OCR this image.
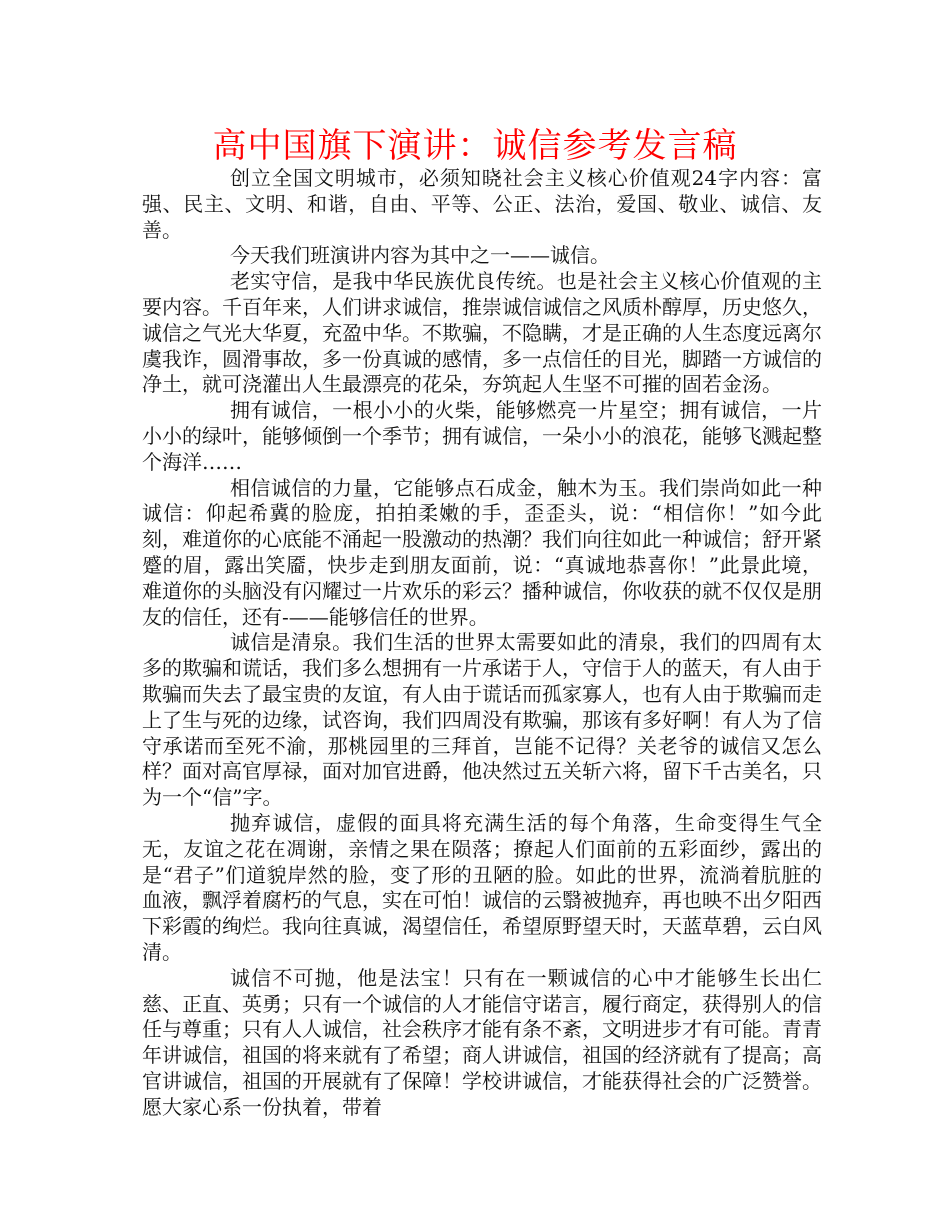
高中国旗下演讲：诚信参考发言稿

创立全国文明城市，必须知晓社会主义核心价值观24字内容：富强、民主、文明、和谐，自由、平等、公正、法治，爱国、敬业、诚信、友善。

今天我们班演讲内容为其中之一——诚信。

老实守信，是我中华民族优良传统。也是社会主义核心价值观的主要内容。千百年来，人们讲求诚信，推崇诚信诚信之风质朴醇厚，历史悠久，诚信之气光大华夏，充盈中华。不欺骗，不隐瞒，才是正确的人生态度远离尔虞我诈，圆滑事故，多一份真诚的感情，多一点信任的目光，脚踏一方诚信的净土，就可浇灌出人生最漂亮的花朵，夯筑起人生坚不可摧的固若金汤。

拥有诚信，一根小小的火柴，能够燃亮一片星空；拥有诚信，一片小小的绿叶，能够倾倒一个季节；拥有诚信，一朵小小的浪花，能够飞溅起整个海洋……

相信诚信的力量，它能够点石成金，触木为玉。我们崇尚如此一种诚信：仰起希冀的脸庞，拍拍柔嫩的手，歪歪头，说：“相信你！”如今此刻，难道你的心底能不涌起一股激动的热潮？我们向往如此一种诚信；舒开紧蹙的眉，露出笑靥，快步走到朋友面前，说：“真诚地恭喜你！”此景此境，难道你的头脑没有闪耀过一片欢乐的彩云？播种诚信，你收获的就不仅仅是朋友的信任，还有-——能够信任的世界。

诚信是清泉。我们生活的世界太需要如此的清泉，我们的四周有太多的欺骗和谎话，我们多么想拥有一片承诺于人，守信于人的蓝天，有人由于欺骗而失去了最宝贵的友谊，有人由于谎话而孤家寡人，也有人由于欺骗而走上了生与死的边缘，试咨询，我们四周没有欺骗，那该有多好啊！有人为了信守承诺而至死不渝，那桃园里的三拜首，岂能不记得？关老爷的诚信又怎么样？面对高官厚禄，面对加官进爵，他决然过五关斩六将，留下千古美名，只为一个“信”字。

抛弃诚信，虚假的面具将充满生活的每个角落，生命变得生气全无，友谊之花在凋谢，亲情之果在陨落；撩起人们面前的五彩面纱，露出的是“君子”们道貌岸然的脸，变了形的丑陋的脸。如此的世界，流淌着肮脏的血液，飘浮着腐朽的气息，实在可怕！诚信的云翳被抛弃，再也映不出夕阳西下彩霞的绚烂。我向往真诚，渴望信任，希望原野望天时，天蓝草碧，云白风清。

诚信不可抛，他是法宝！只有在一颗诚信的心中才能够生长出仁慈、正直、英勇；只有一个诚信的人才能信守诺言，履行商定，获得别人的信任与尊重；只有人人诚信，社会秩序才能有条不紊，文明进步才有可能。青青年讲诚信，祖国的将来就有了希望；商人讲诚信，祖国的经济就有了提高；高官讲诚信，祖国的开展就有了保障！学校讲诚信，才能获得社会的广泛赞誉。愿大家心系一份执着，带着
